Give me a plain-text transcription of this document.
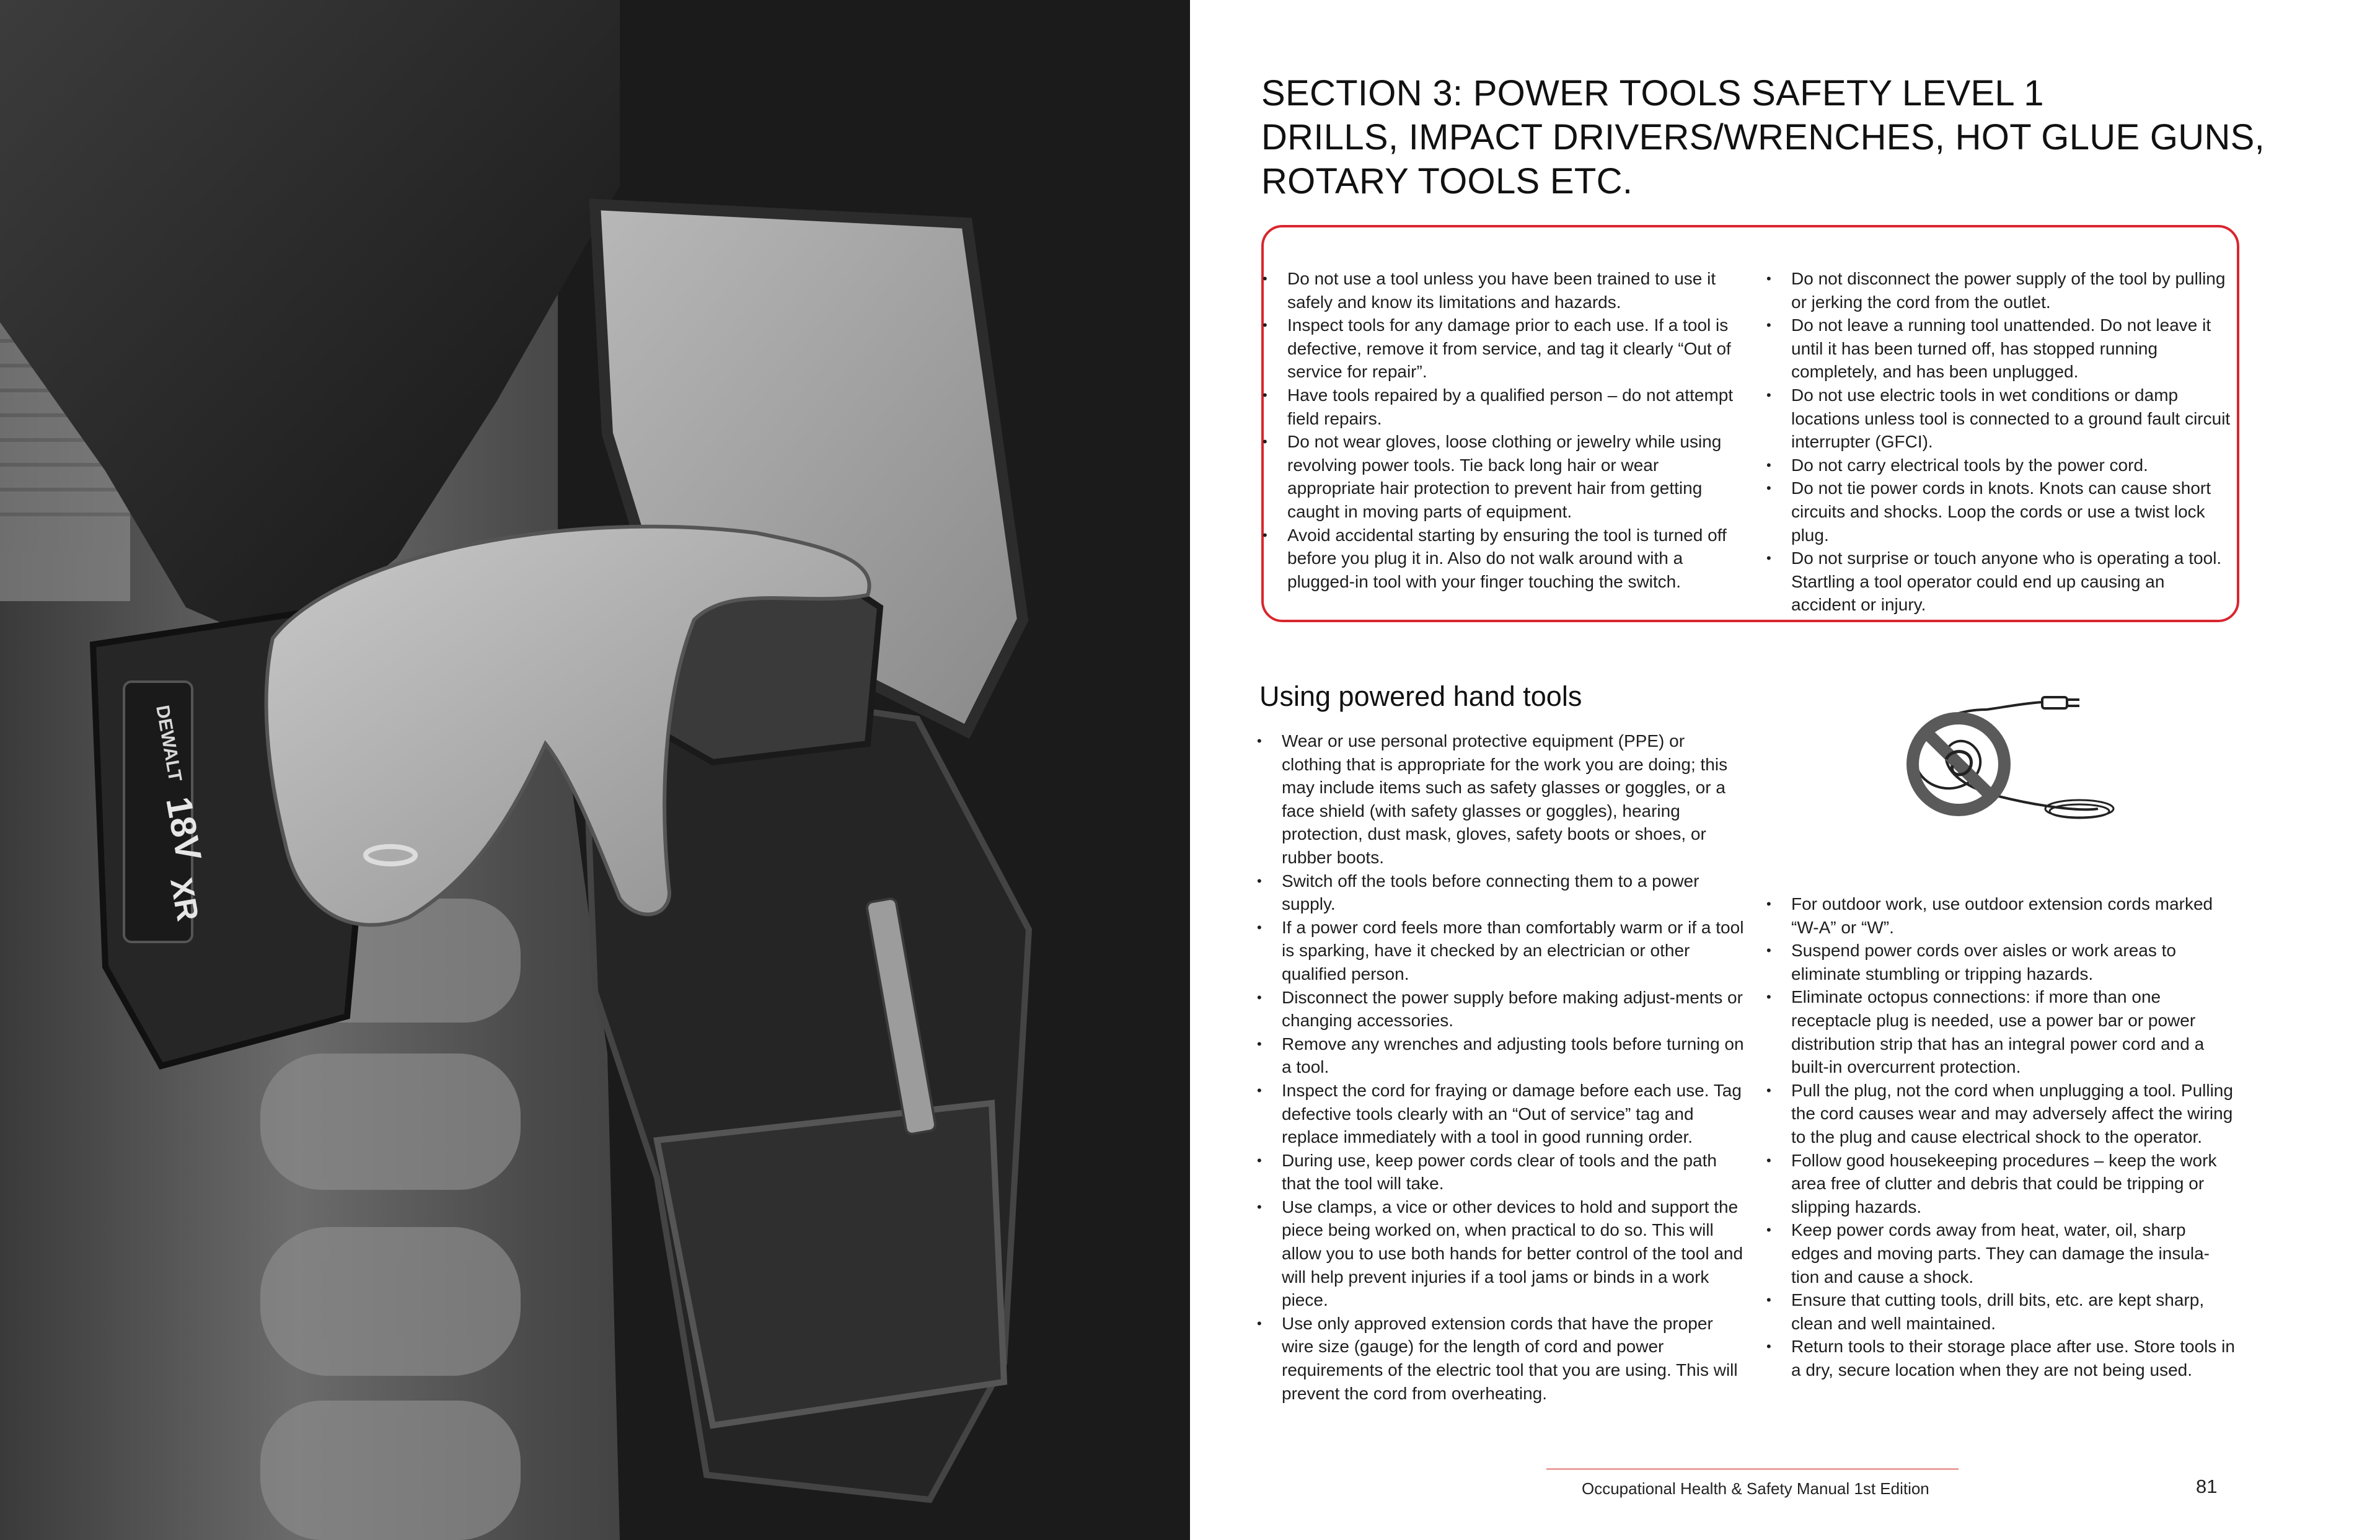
DEWALT
18V
XR
SECTION 3: POWER TOOLS SAFETY LEVEL 1
DRILLS, IMPACT DRIVERS/WRENCHES, HOT GLUE GUNS,
ROTARY TOOLS ETC.
• Do not use a tool unless you have been trained to use it safely and know its limitations and hazards.
• Inspect tools for any damage prior to each use. If a tool is defective, remove it from service, and tag it clearly “Out of service for repair”.
• Have tools repaired by a qualified person – do not attempt field repairs.
• Do not wear gloves, loose clothing or jewelry while using revolving power tools. Tie back long hair or wear appropriate hair protection to prevent hair from getting caught in moving parts of equipment.
• Avoid accidental starting by ensuring the tool is turned off before you plug it in. Also do not walk around with a plugged-in tool with your finger touching the switch.
• Do not disconnect the power supply of the tool by pulling or jerking the cord from the outlet.
• Do not leave a running tool unattended. Do not leave it until it has been turned off, has stopped running completely, and has been unplugged.
• Do not use electric tools in wet conditions or damp locations unless tool is connected to a ground fault circuit interrupter (GFCI).
• Do not carry electrical tools by the power cord.
• Do not tie power cords in knots. Knots can cause short circuits and shocks. Loop the cords or use a twist lock plug.
• Do not surprise or touch anyone who is operating a tool. Startling a tool operator could end up causing an accident or injury.
Using powered hand tools
• Wear or use personal protective equipment (PPE) or clothing that is appropriate for the work you are doing; this may include items such as safety glasses or goggles, or a face shield (with safety glasses or goggles), hearing protection, dust mask, gloves, safety boots or shoes, or rubber boots.
• Switch off the tools before connecting them to a power supply.
• If a power cord feels more than comfortably warm or if a tool is sparking, have it checked by an electrician or other qualified person.
• Disconnect the power supply before making adjust-ments or changing accessories.
• Remove any wrenches and adjusting tools before turning on a tool.
• Inspect the cord for fraying or damage before each use. Tag defective tools clearly with an “Out of service” tag and replace immediately with a tool in good running order.
• During use, keep power cords clear of tools and the path that the tool will take.
• Use clamps, a vice or other devices to hold and support the piece being worked on, when practical to do so. This will allow you to use both hands for better control of the tool and will help prevent injuries if a tool jams or binds in a work piece.
• Use only approved extension cords that have the proper wire size (gauge) for the length of cord and power requirements of the electric tool that you are using. This will prevent the cord from overheating.
• For outdoor work, use outdoor extension cords marked “W-A” or “W”.
• Suspend power cords over aisles or work areas to eliminate stumbling or tripping hazards.
• Eliminate octopus connections: if more than one receptacle plug is needed, use a power bar or power distribution strip that has an integral power cord and a built-in overcurrent protection.
• Pull the plug, not the cord when unplugging a tool. Pulling the cord causes wear and may adversely affect the wiring to the plug and cause electrical shock to the operator.
• Follow good housekeeping procedures – keep the work area free of clutter and debris that could be tripping or slipping hazards.
• Keep power cords away from heat, water, oil, sharp edges and moving parts. They can damage the insula-tion and cause a shock.
• Ensure that cutting tools, drill bits, etc. are kept sharp, clean and well maintained.
• Return tools to their storage place after use. Store tools in a dry, secure location when they are not being used.
Occupational Health & Safety Manual 1st Edition	81
